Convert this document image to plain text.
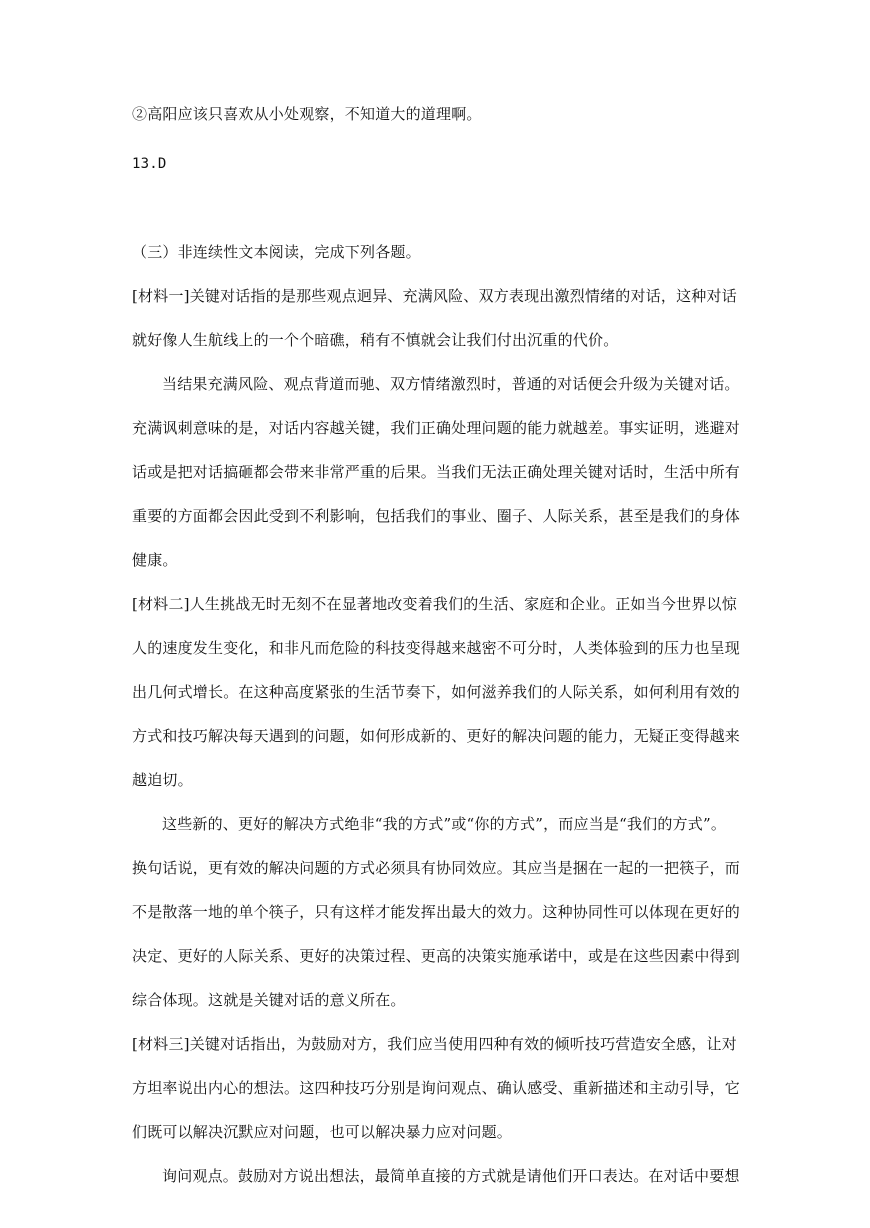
②高阳应该只喜欢从小处观察，不知道大的道理啊。
13.D
（三）非连续性文本阅读，完成下列各题。
[材料一]关键对话指的是那些观点迥异、充满风险、双方表现出激烈情绪的对话，这种对话
就好像人生航线上的一个个暗礁，稍有不慎就会让我们付出沉重的代价。
当结果充满风险、观点背道而驰、双方情绪激烈时，普通的对话便会升级为关键对话。
充满讽刺意味的是，对话内容越关键，我们正确处理问题的能力就越差。事实证明，逃避对
话或是把对话搞砸都会带来非常严重的后果。当我们无法正确处理关键对话时，生活中所有
重要的方面都会因此受到不利影响，包括我们的事业、圈子、人际关系，甚至是我们的身体
健康。
[材料二]人生挑战无时无刻不在显著地改变着我们的生活、家庭和企业。正如当今世界以惊
人的速度发生变化，和非凡而危险的科技变得越来越密不可分时，人类体验到的压力也呈现
出几何式增长。在这种高度紧张的生活节奏下，如何滋养我们的人际关系，如何利用有效的
方式和技巧解决每天遇到的问题，如何形成新的、更好的解决问题的能力，无疑正变得越来
越迫切。
这些新的、更好的解决方式绝非“我的方式”或“你的方式”，而应当是“我们的方式”。
换句话说，更有效的解决问题的方式必须具有协同效应。其应当是捆在一起的一把筷子，而
不是散落一地的单个筷子，只有这样才能发挥出最大的效力。这种协同性可以体现在更好的
决定、更好的人际关系、更好的决策过程、更高的决策实施承诺中，或是在这些因素中得到
综合体现。这就是关键对话的意义所在。
[材料三]关键对话指出，为鼓励对方，我们应当使用四种有效的倾听技巧营造安全感，让对
方坦率说出内心的想法。这四种技巧分别是询问观点、确认感受、重新描述和主动引导，它
们既可以解决沉默应对问题，也可以解决暴力应对问题。
询问观点。鼓励对方说出想法，最简单直接的方式就是请他们开口表达。在对话中要想
